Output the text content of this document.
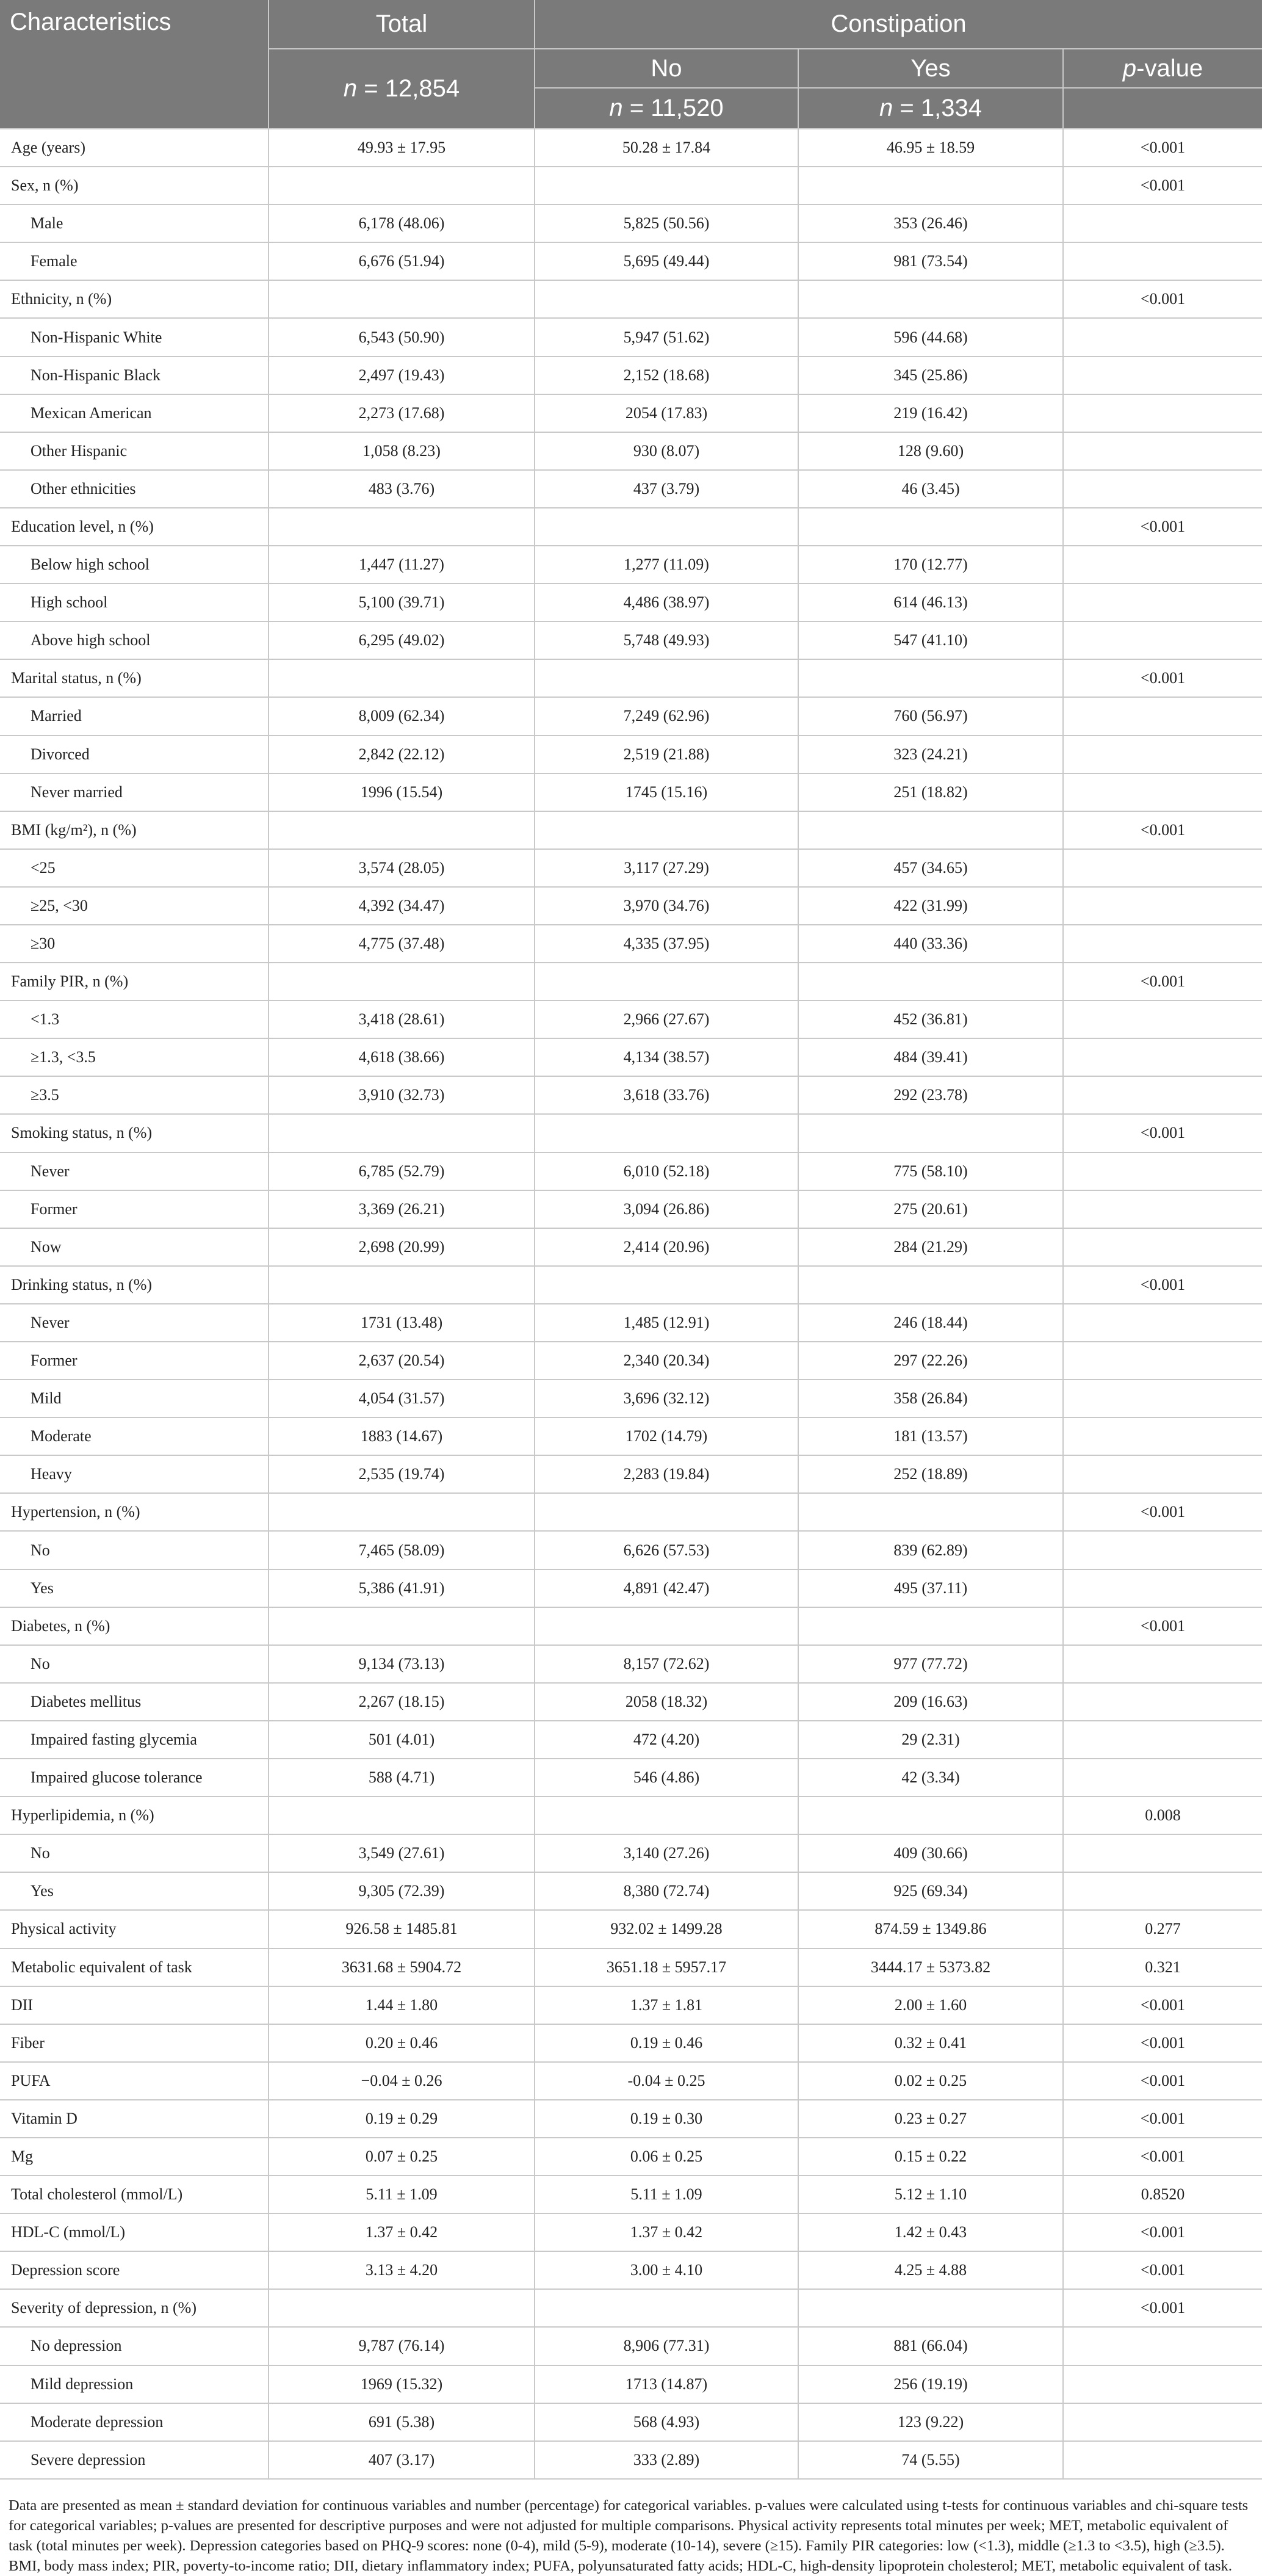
Characteristics	Total	Constipation		
	n = 12,854	No	Yes	p-value
		n = 11,520	n = 1,334	
Age (years)	49.93 ± 17.95	50.28 ± 17.84	46.95 ± 18.59	<0.001
Sex, n (%)				<0.001
Male	6,178 (48.06)	5,825 (50.56)	353 (26.46)	
Female	6,676 (51.94)	5,695 (49.44)	981 (73.54)	
Ethnicity, n (%)				<0.001
Non-Hispanic White	6,543 (50.90)	5,947 (51.62)	596 (44.68)	
Non-Hispanic Black	2,497 (19.43)	2,152 (18.68)	345 (25.86)	
Mexican American	2,273 (17.68)	2054 (17.83)	219 (16.42)	
Other Hispanic	1,058 (8.23)	930 (8.07)	128 (9.60)	
Other ethnicities	483 (3.76)	437 (3.79)	46 (3.45)	
Education level, n (%)				<0.001
Below high school	1,447 (11.27)	1,277 (11.09)	170 (12.77)	
High school	5,100 (39.71)	4,486 (38.97)	614 (46.13)	
Above high school	6,295 (49.02)	5,748 (49.93)	547 (41.10)	
Marital status, n (%)				<0.001
Married	8,009 (62.34)	7,249 (62.96)	760 (56.97)	
Divorced	2,842 (22.12)	2,519 (21.88)	323 (24.21)	
Never married	1996 (15.54)	1745 (15.16)	251 (18.82)	
BMI (kg/m²), n (%)				<0.001
<25	3,574 (28.05)	3,117 (27.29)	457 (34.65)	
≥25, <30	4,392 (34.47)	3,970 (34.76)	422 (31.99)	
≥30	4,775 (37.48)	4,335 (37.95)	440 (33.36)	
Family PIR, n (%)				<0.001
<1.3	3,418 (28.61)	2,966 (27.67)	452 (36.81)	
≥1.3, <3.5	4,618 (38.66)	4,134 (38.57)	484 (39.41)	
≥3.5	3,910 (32.73)	3,618 (33.76)	292 (23.78)	
Smoking status, n (%)				<0.001
Never	6,785 (52.79)	6,010 (52.18)	775 (58.10)	
Former	3,369 (26.21)	3,094 (26.86)	275 (20.61)	
Now	2,698 (20.99)	2,414 (20.96)	284 (21.29)	
Drinking status, n (%)				<0.001
Never	1731 (13.48)	1,485 (12.91)	246 (18.44)	
Former	2,637 (20.54)	2,340 (20.34)	297 (22.26)	
Mild	4,054 (31.57)	3,696 (32.12)	358 (26.84)	
Moderate	1883 (14.67)	1702 (14.79)	181 (13.57)	
Heavy	2,535 (19.74)	2,283 (19.84)	252 (18.89)	
Hypertension, n (%)				<0.001
No	7,465 (58.09)	6,626 (57.53)	839 (62.89)	
Yes	5,386 (41.91)	4,891 (42.47)	495 (37.11)	
Diabetes, n (%)				<0.001
No	9,134 (73.13)	8,157 (72.62)	977 (77.72)	
Diabetes mellitus	2,267 (18.15)	2058 (18.32)	209 (16.63)	
Impaired fasting glycemia	501 (4.01)	472 (4.20)	29 (2.31)	
Impaired glucose tolerance	588 (4.71)	546 (4.86)	42 (3.34)	
Hyperlipidemia, n (%)				0.008
No	3,549 (27.61)	3,140 (27.26)	409 (30.66)	
Yes	9,305 (72.39)	8,380 (72.74)	925 (69.34)	
Physical activity	926.58 ± 1485.81	932.02 ± 1499.28	874.59 ± 1349.86	0.277
Metabolic equivalent of task	3631.68 ± 5904.72	3651.18 ± 5957.17	3444.17 ± 5373.82	0.321
DII	1.44 ± 1.80	1.37 ± 1.81	2.00 ± 1.60	<0.001
Fiber	0.20 ± 0.46	0.19 ± 0.46	0.32 ± 0.41	<0.001
PUFA	−0.04 ± 0.26	-0.04 ± 0.25	0.02 ± 0.25	<0.001
Vitamin D	0.19 ± 0.29	0.19 ± 0.30	0.23 ± 0.27	<0.001
Mg	0.07 ± 0.25	0.06 ± 0.25	0.15 ± 0.22	<0.001
Total cholesterol (mmol/L)	5.11 ± 1.09	5.11 ± 1.09	5.12 ± 1.10	0.8520
HDL-C (mmol/L)	1.37 ± 0.42	1.37 ± 0.42	1.42 ± 0.43	<0.001
Depression score	3.13 ± 4.20	3.00 ± 4.10	4.25 ± 4.88	<0.001
Severity of depression, n (%)				<0.001
No depression	9,787 (76.14)	8,906 (77.31)	881 (66.04)	
Mild depression	1969 (15.32)	1713 (14.87)	256 (19.19)	
Moderate depression	691 (5.38)	568 (4.93)	123 (9.22)	
Severe depression	407 (3.17)	333 (2.89)	74 (5.55)	
Data are presented as mean ± standard deviation for continuous variables and number (percentage) for categorical variables. p-values were calculated using t-tests for continuous variables and chi-square tests for categorical variables; p-values are presented for descriptive purposes and were not adjusted for multiple comparisons. Physical activity represents total minutes per week; MET, metabolic equivalent of task (total minutes per week). Depression categories based on PHQ-9 scores: none (0-4), mild (5-9), moderate (10-14), severe (≥15). Family PIR categories: low (<1.3), middle (≥1.3 to <3.5), high (≥3.5). BMI, body mass index; PIR, poverty-to-income ratio; DII, dietary inflammatory index; PUFA, polyunsaturated fatty acids; HDL-C, high-density lipoprotein cholesterol; MET, metabolic equivalent of task.
